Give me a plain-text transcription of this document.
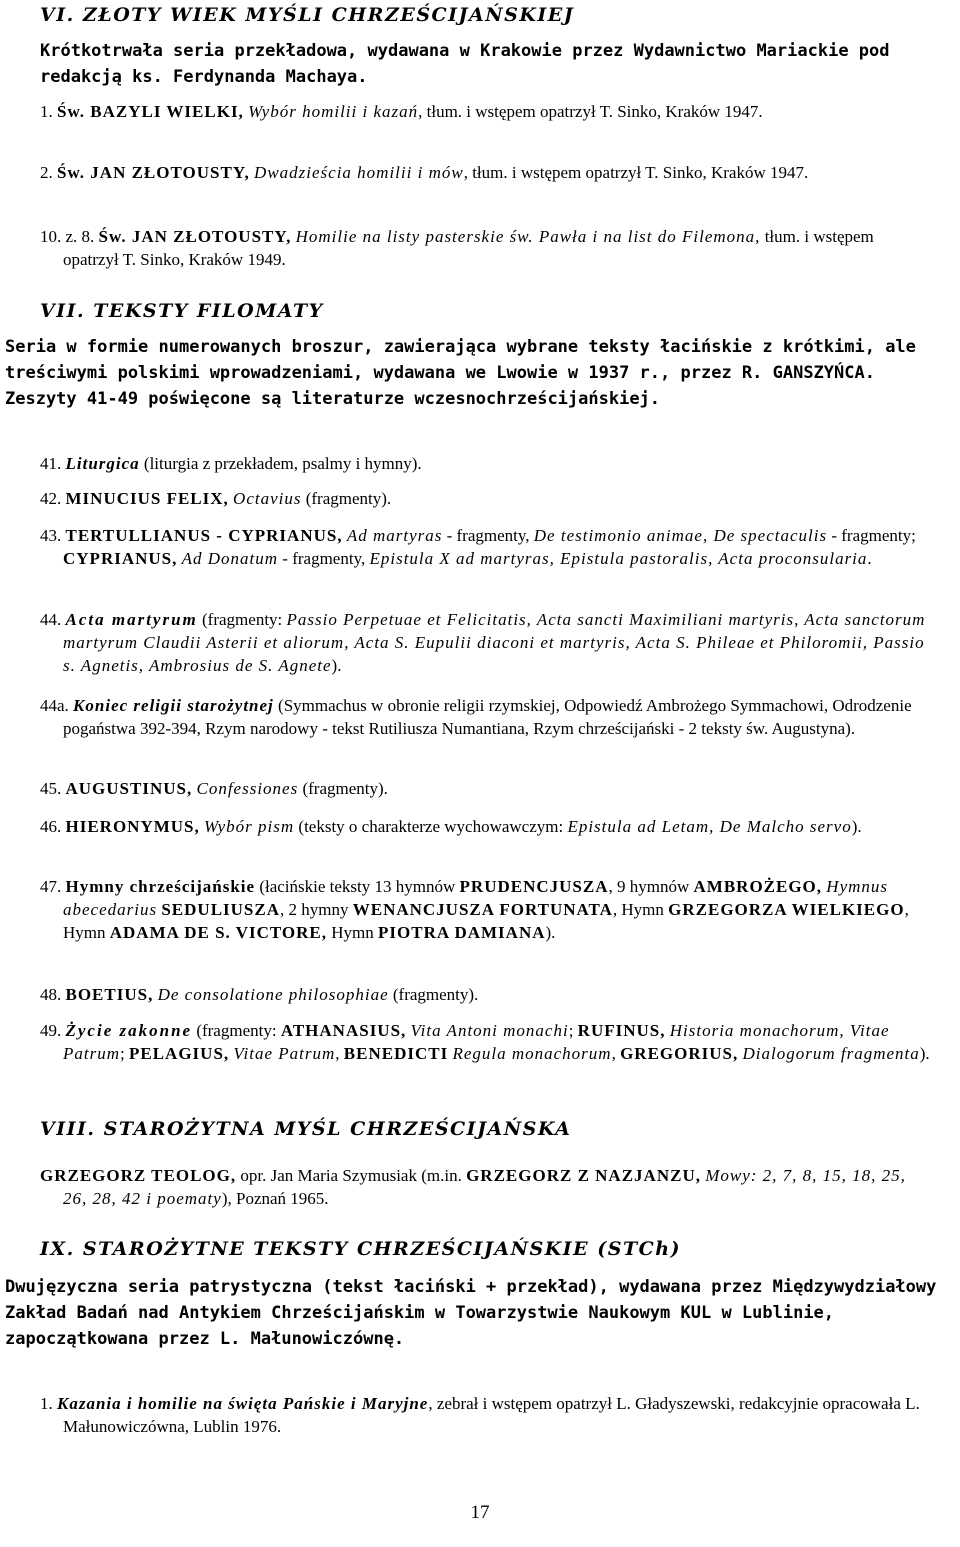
VI. ZŁOTY WIEK MYŚLI CHRZEŚCIJAŃSKIEJ
Krótkotrwała seria przekładowa, wydawana w Krakowie przez Wydawnictwo Mariackie pod redakcją ks. Ferdynanda Machaya.
1. Św. BAZYLI WIELKI, Wybór homilii i kazań, tłum. i wstępem opatrzył T. Sinko, Kraków 1947.
2. Św. JAN ZŁOTOUSTY, Dwadzieścia homilii i mów, tłum. i wstępem opatrzył T. Sinko, Kraków 1947.
10. z. 8. Św. JAN ZŁOTOUSTY, Homilie na listy pasterskie św. Pawła i na list do Filemona, tłum. i wstępem opatrzył T. Sinko, Kraków 1949.
VII. TEKSTY FILOMATY
Seria w formie numerowanych broszur, zawierająca wybrane teksty łacińskie z krótkimi, ale treściwymi polskimi wprowadzeniami, wydawana we Lwowie w 1937 r., przez R. GANSZYŃCA. Zeszyty 41-49 poświęcone są literaturze wczesnochrześcijańskiej.
41. Liturgica (liturgia z przekładem, psalmy i hymny).
42. MINUCIUS FELIX, Octavius (fragmenty).
43. TERTULLIANUS - CYPRIANUS, Ad martyras - fragmenty, De testimonio animae, De spectaculis - fragmenty; CYPRIANUS, Ad Donatum - fragmenty, Epistula X ad martyras, Epistula pastoralis, Acta proconsularia.
44. Acta martyrum (fragmenty: Passio Perpetuae et Felicitatis, Acta sancti Maximiliani martyris, Acta sanctorum martyrum Claudii Asterii et aliorum, Acta S. Eupulii diaconi et martyris, Acta S. Phileae et Philoromii, Passio s. Agnetis, Ambrosius de S. Agnete).
44a. Koniec religii starożytnej (Symmachus w obronie religii rzymskiej, Odpowiedź Ambrożego Symmachowi, Odrodzenie pogaństwa 392-394, Rzym narodowy - tekst Rutiliusza Numantiana, Rzym chrześcijański - 2 teksty św. Augustyna).
45. AUGUSTINUS, Confessiones (fragmenty).
46. HIERONYMUS, Wybór pism (teksty o charakterze wychowawczym: Epistula ad Letam, De Malcho servo).
47. Hymny chrześcijańskie (łacińskie teksty 13 hymnów PRUDENCJUSZA, 9 hymnów AMBROŻEGO, Hymnus abecedarius SEDULIUSZA, 2 hymny WENANCJUSZA FORTUNATA, Hymn GRZEGORZA WIELKIEGO, Hymn ADAMA DE S. VICTORE, Hymn PIOTRA DAMIANA).
48. BOETIUS, De consolatione philosophiae (fragmenty).
49. Życie zakonne (fragmenty: ATHANASIUS, Vita Antoni monachi; RUFINUS, Historia monachorum, Vitae Patrum; PELAGIUS, Vitae Patrum, BENEDICTI Regula monachorum, GREGORIUS, Dialogorum fragmenta).
VIII. STAROŻYTNA MYŚL CHRZEŚCIJAŃSKA
GRZEGORZ TEOLOG, opr. Jan Maria Szymusiak (m.in. GRZEGORZ Z NAZJANZU, Mowy: 2, 7, 8, 15, 18, 25, 26, 28, 42 i poematy), Poznań 1965.
IX. STAROŻYTNE TEKSTY CHRZEŚCIJAŃSKIE (STCh)
Dwujęzyczna seria patrystyczna (tekst łaciński + przekład), wydawana przez Międzywydziałowy Zakład Badań nad Antykiem Chrześcijańskim w Towarzystwie Naukowym KUL w Lublinie, zapoczątkowana przez L. Małunowiczównę.
1. Kazania i homilie na święta Pańskie i Maryjne, zebrał i wstępem opatrzył L. Gładyszewski, redakcyjnie opracowała L. Małunowiczówna, Lublin 1976.
17
